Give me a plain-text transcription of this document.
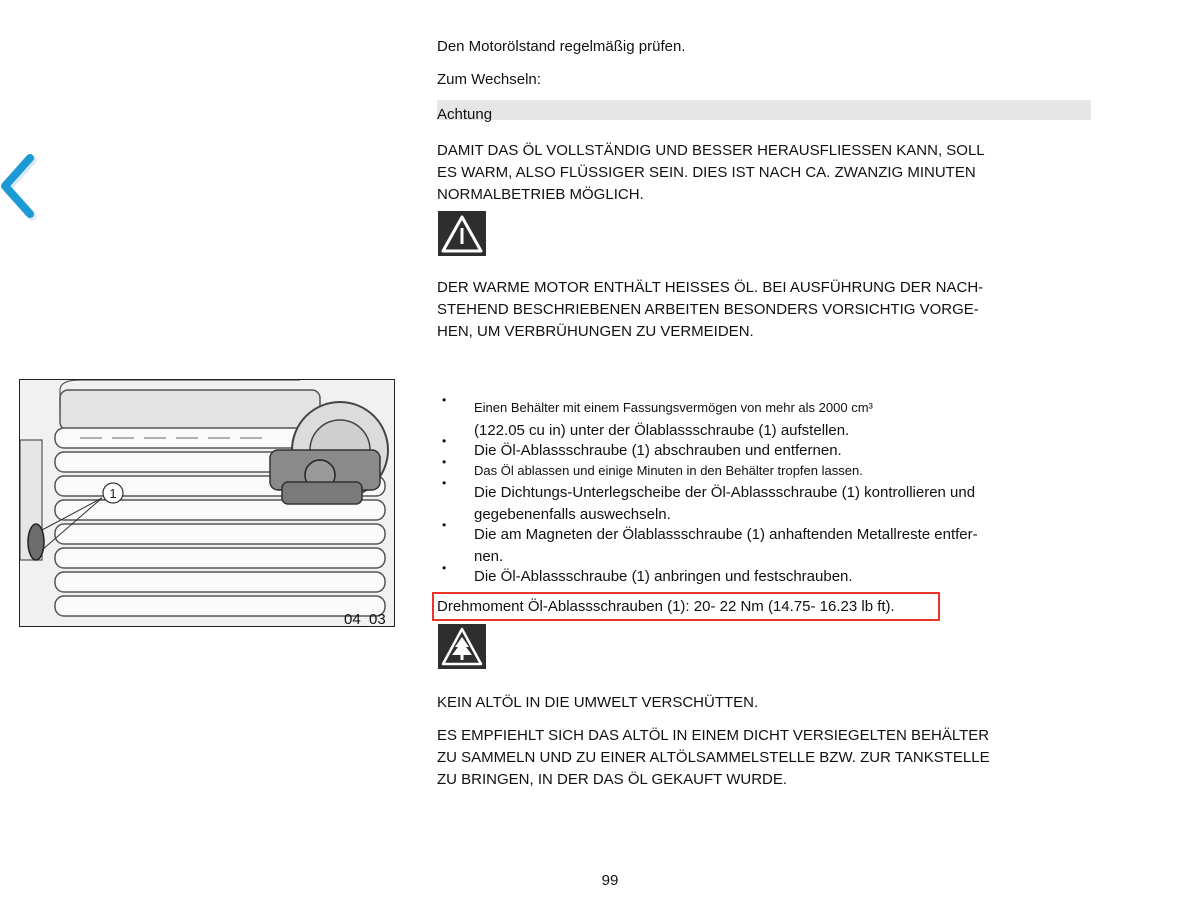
Den Motorölstand regelmäßig prüfen.
Zum Wechseln:
Achtung
DAMIT DAS ÖL VOLLSTÄNDIG UND BESSER HERAUSFLIESSEN KANN, SOLL
ES WARM, ALSO FLÜSSIGER SEIN. DIES IST NACH CA. ZWANZIG MINUTEN
NORMALBETRIEB MÖGLICH.
DER WARME MOTOR ENTHÄLT HEISSES ÖL. BEI AUSFÜHRUNG DER NACH-
STEHEND BESCHRIEBENEN ARBEITEN BESONDERS VORSICHTIG VORGE-
HEN, UM VERBRÜHUNGEN ZU VERMEIDEN.
1
04_03
• Einen Behälter mit einem Fassungsvermögen von mehr als 2000 cm³
(122.05 cu in) unter der Ölablassschraube (1) aufstellen.
•
Die Öl-Ablassschraube (1) abschrauben und entfernen.
•
Das Öl ablassen und einige Minuten in den Behälter tropfen lassen.
•
Die Dichtungs-Unterlegscheibe der Öl-Ablassschraube (1) kontrollieren und
gegebenenfalls auswechseln.
•
Die am Magneten der Ölablassschraube (1) anhaftenden Metallreste entfer-
nen.
• Die Öl-Ablassschraube (1) anbringen und festschrauben.
Drehmoment Öl-Ablassschrauben (1): 20- 22 Nm (14.75- 16.23 lb ft).
KEIN ALTÖL IN DIE UMWELT VERSCHÜTTEN.
ES EMPFIEHLT SICH DAS ALTÖL IN EINEM DICHT VERSIEGELTEN BEHÄLTER
ZU SAMMELN UND ZU EINER ALTÖLSAMMELSTELLE BZW. ZUR TANKSTELLE
ZU BRINGEN, IN DER DAS ÖL GEKAUFT WURDE.
99
